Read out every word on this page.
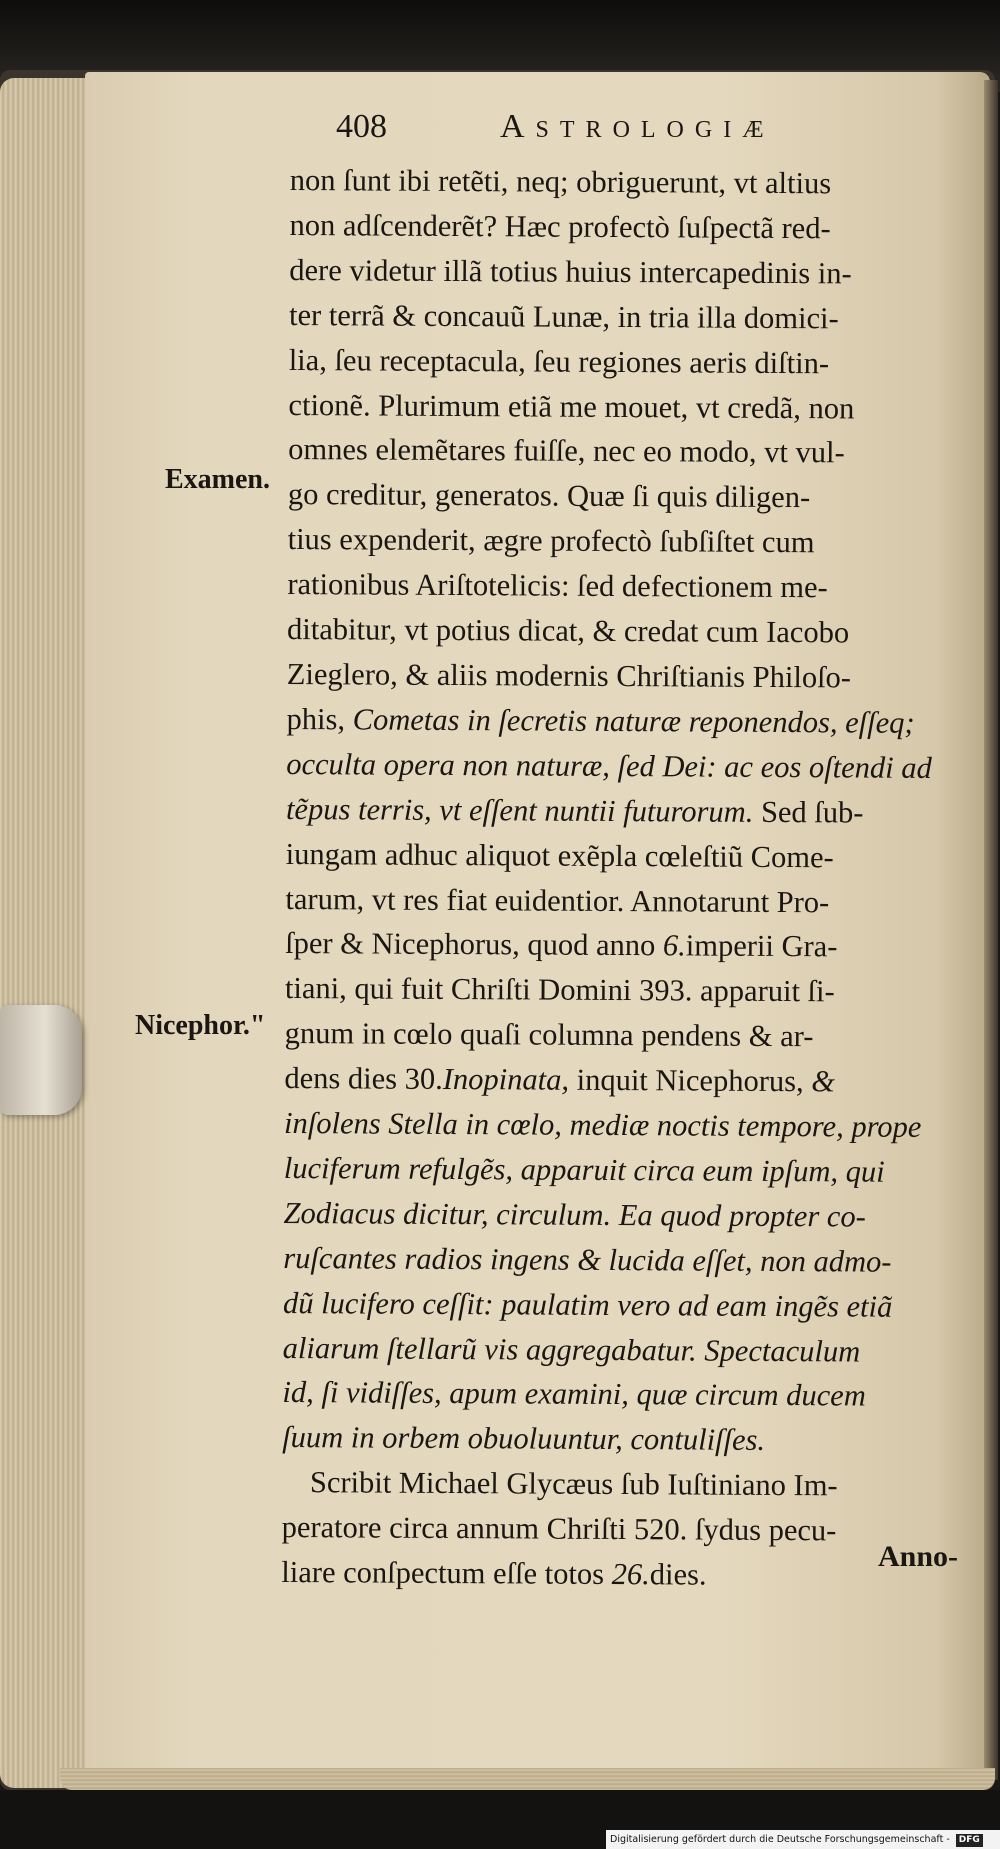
408	Astrologiæ

Examen.

Nicephor."

non ſunt ibi retẽti, neq; obriguerunt, vt altius

non adſcenderẽt? Hæc profectò ſuſpectã red-

dere videtur illã totius huius intercapedinis in-

ter terrã & concauũ Lunæ, in tria illa domici-

lia, ſeu receptacula, ſeu regiones aeris diſtin-

ctionẽ. Plurimum etiã me mouet, vt credã, non

omnes elemẽtares fuiſſe, nec eo modo, vt vul-

go creditur, generatos. Quæ ſi quis diligen-

tius expenderit, ægre profectò ſubſiſtet cum

rationibus Ariſtotelicis: ſed defectionem me-

ditabitur, vt potius dicat, & credat cum Iacobo

Zieglero, & aliis modernis Chriſtianis Philoſo-

phis, Cometas in ſecretis naturæ reponendos, eſſeq;

occulta opera non naturæ, ſed Dei: ac eos oſtendi ad

tẽpus terris, vt eſſent nuntii futurorum. Sed ſub-

iungam adhuc aliquot exẽpla cœleſtiũ Come-

tarum, vt res fiat euidentior. Annotarunt Pro-

ſper & Nicephorus, quod anno 6.imperii Gra-

tiani, qui fuit Chriſti Domini 393. apparuit ſi-

gnum in cœlo quaſi columna pendens & ar-

dens dies 30.Inopinata, inquit Nicephorus, &

inſolens Stella in cœlo, mediæ noctis tempore, prope

luciferum refulgẽs, apparuit circa eum ipſum, qui

Zodiacus dicitur, circulum. Ea quod propter co-

ruſcantes radios ingens & lucida eſſet, non admo-

dũ lucifero ceſſit: paulatim vero ad eam ingẽs etiã

aliarum ſtellarũ vis aggregabatur. Spectaculum

id, ſi vidiſſes, apum examini, quæ circum ducem

ſuum in orbem obuoluuntur, contuliſſes.

Scribit Michael Glycæus ſub Iuſtiniano Im-

peratore circa annum Chriſti 520. ſydus pecu-

liare conſpectum eſſe totos 26.dies.

Anno-

Digitalisierung gefördert durch die Deutsche Forschungsgemeinschaft - DFG
